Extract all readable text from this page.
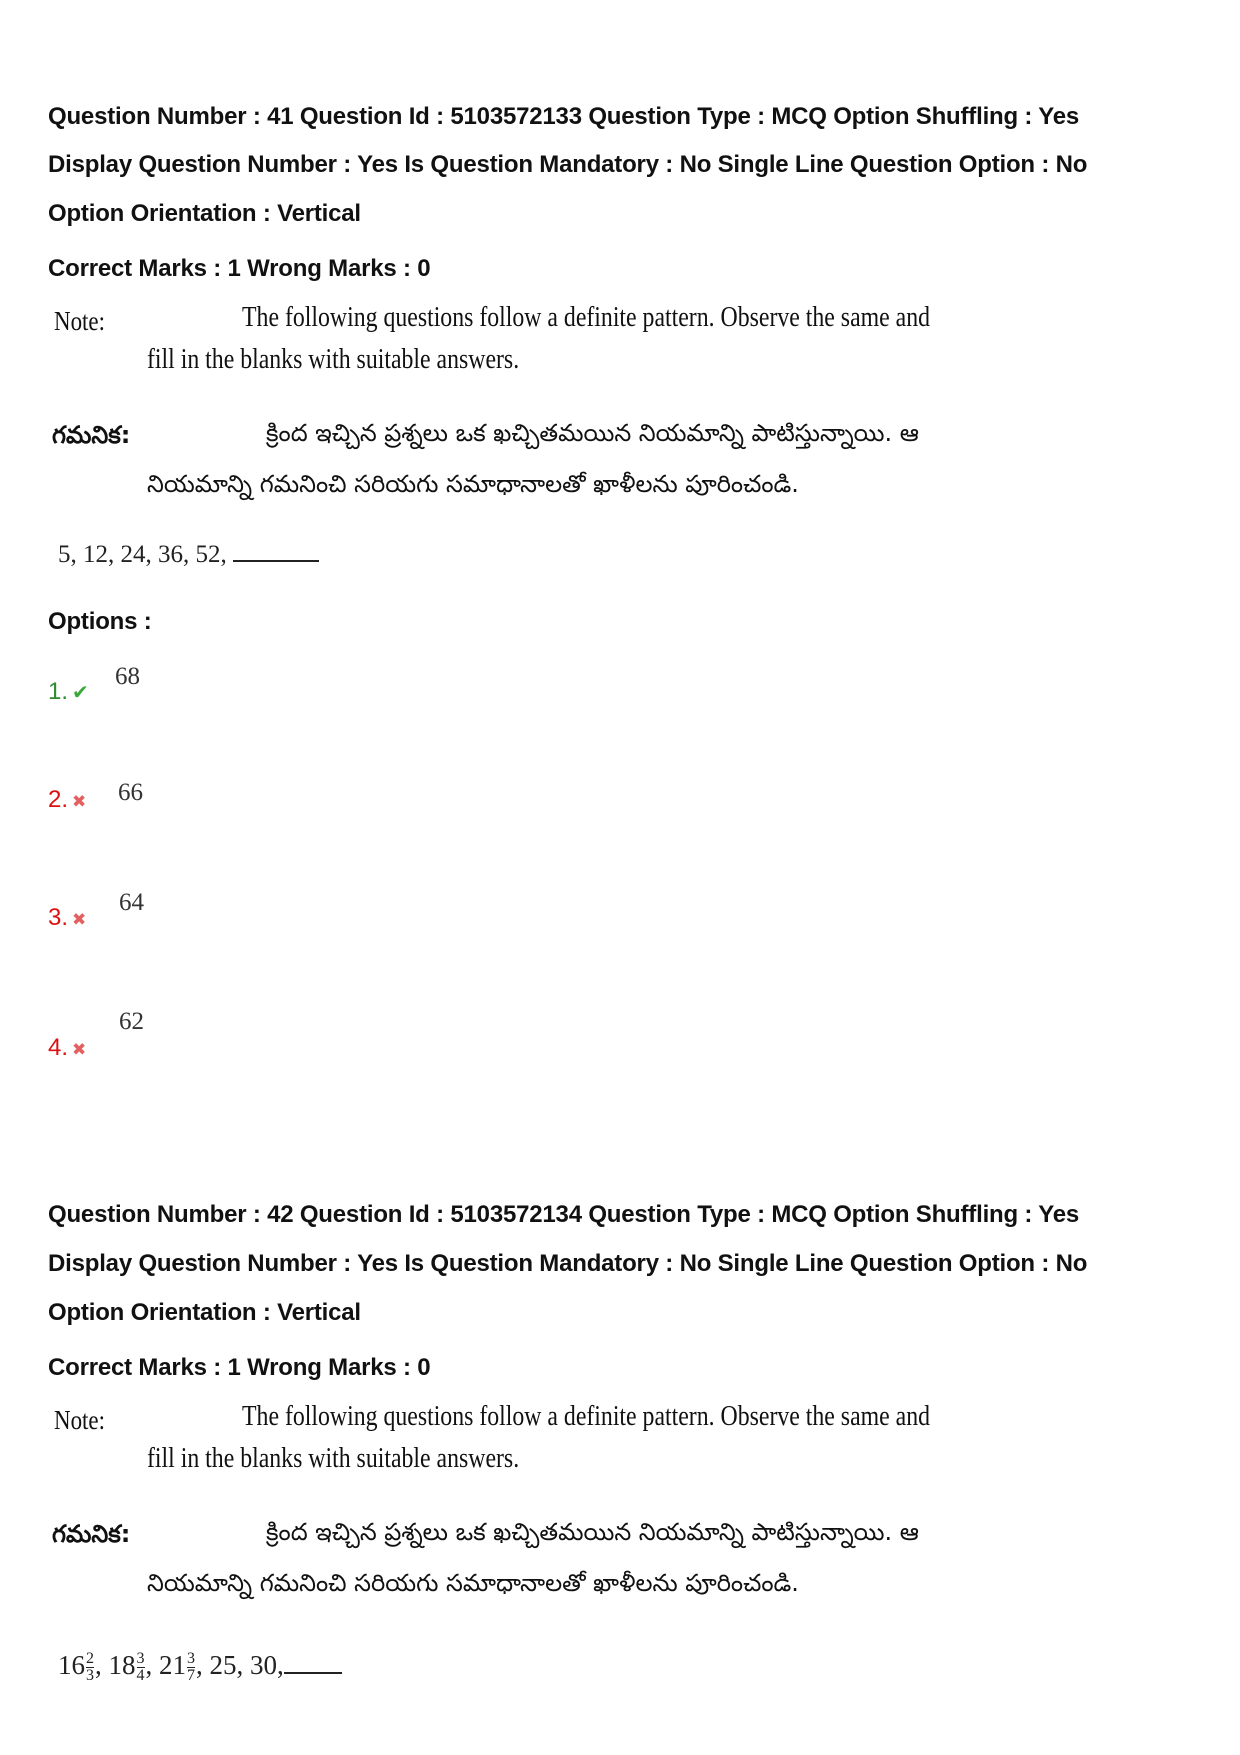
Question Number : 41 Question Id : 5103572133 Question Type : MCQ Option Shuffling : Yes
Display Question Number : Yes Is Question Mandatory : No Single Line Question Option : No
Option Orientation : Vertical
Correct Marks : 1 Wrong Marks : 0
Note:	The following questions follow a definite pattern. Observe the same and
fill in the blanks with suitable answers.
గమనిక:	క్రింద ఇచ్చిన ప్రశ్నలు ఒక ఖచ్చితమయిన నియమాన్ని పాటిస్తున్నాయి. ఆ
నియమాన్ని గమనించి సరియగు సమాధానాలతో ఖాళీలను పూరించండి.
5, 12, 24, 36, 52,
Options :
1. ✔
68
2. ✖	66
3. ✖
64
4. ✖
62
Question Number : 42 Question Id : 5103572134 Question Type : MCQ Option Shuffling : Yes
Display Question Number : Yes Is Question Mandatory : No Single Line Question Option : No
Option Orientation : Vertical
Correct Marks : 1 Wrong Marks : 0
Note:	The following questions follow a definite pattern. Observe the same and
fill in the blanks with suitable answers.
గమనిక:	క్రింద ఇచ్చిన ప్రశ్నలు ఒక ఖచ్చితమయిన నియమాన్ని పాటిస్తున్నాయి. ఆ
నియమాన్ని గమనించి సరియగు సమాధానాలతో ఖాళీలను పూరించండి.
$16 \frac{2}{3}$ , $18 \frac{3}{4}$ , $21 \frac{3}{7}$ , 25, 30,
